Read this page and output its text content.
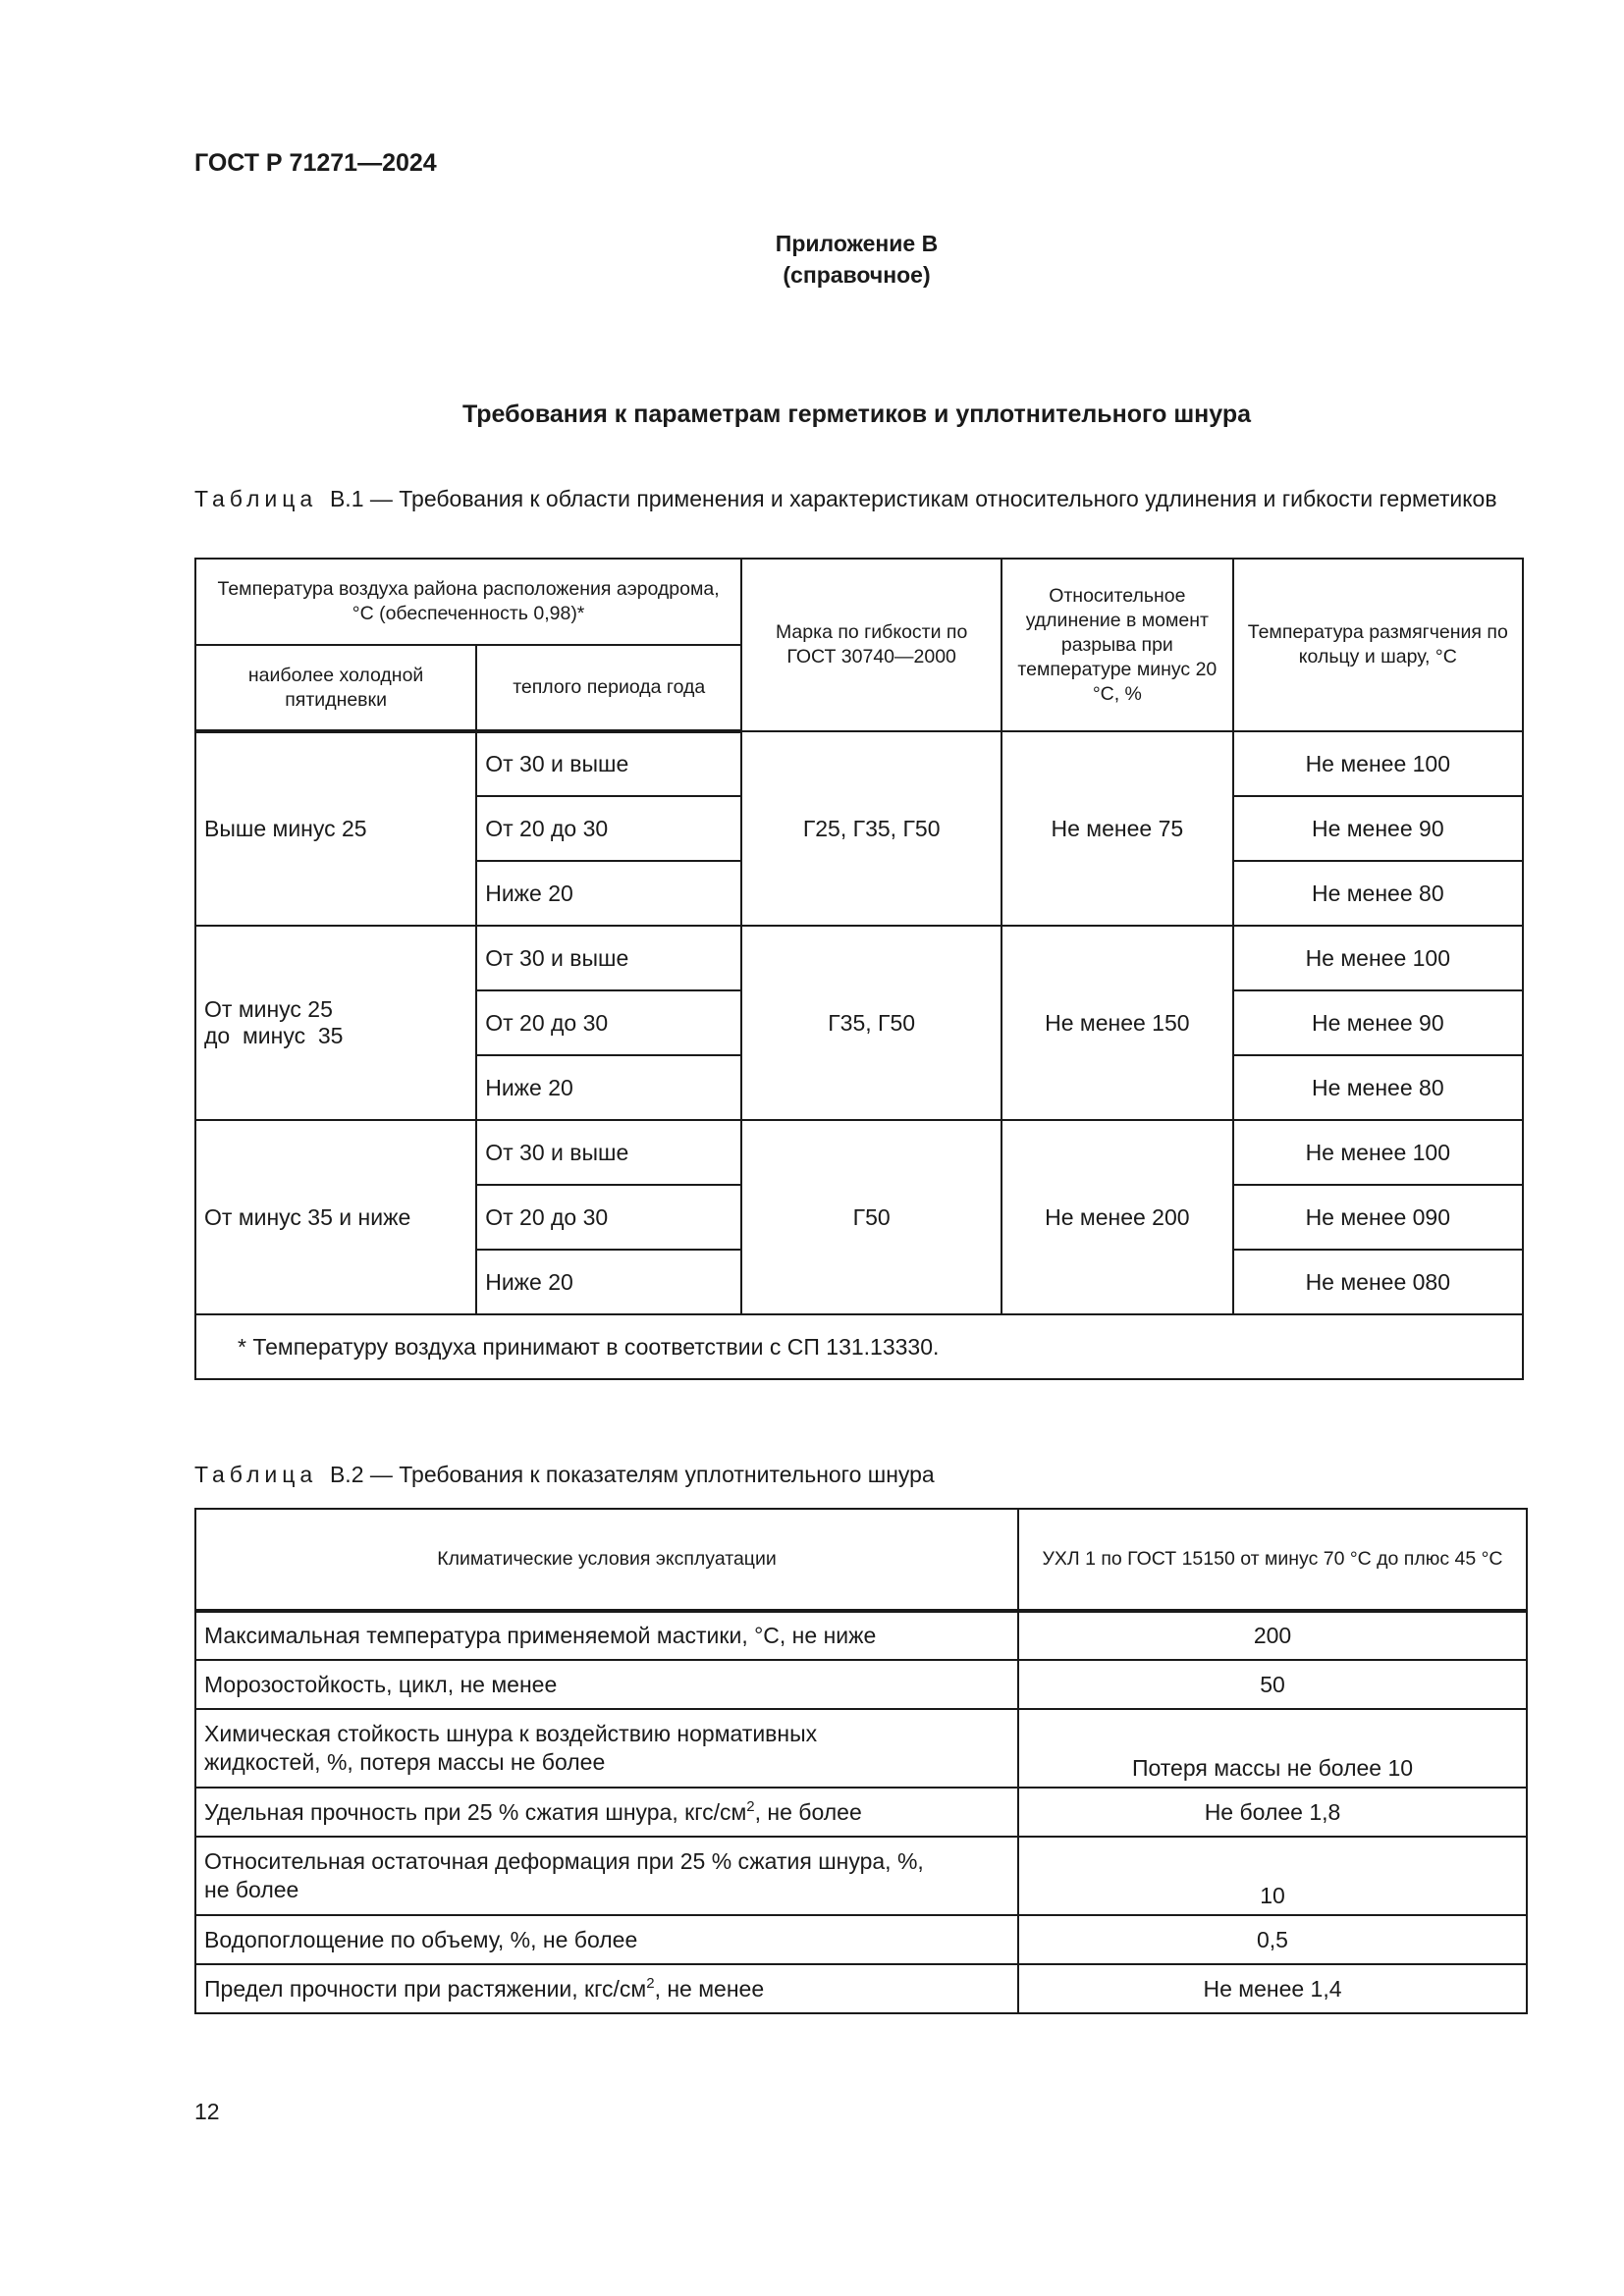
ГОСТ Р 71271—2024
Приложение В
(справочное)
Требования к параметрам герметиков и уплотнительного шнура
Таблица В.1 — Требования к области применения и характеристикам относительного удлинения и гибкости герметиков
Температура воздуха района расположения аэродрома, °С (обеспеченность 0,98)*		Марка по гибкости по ГОСТ 30740—2000	Относительное удлинение в момент разрыва при температуре минус 20 °С, %	Температура размягчения по кольцу и шару, °С
наиболее холодной пятидневки	теплого периода года			
Выше минус 25	От 30 и выше	Г25, Г35, Г50	Не менее 75	Не менее 100
	От 20 до 30			Не менее 90
	Ниже 20			Не менее 80
От минус 25
до  минус  35	От 30 и выше	Г35, Г50	Не менее 150	Не менее 100
	От 20 до 30			Не менее 90
	Ниже 20			Не менее 80
От минус 35 и ниже	От 30 и выше	Г50	Не менее 200	Не менее 100
	От 20 до 30			Не менее 090
	Ниже 20			Не менее 080
* Температуру воздуха принимают в соответствии с СП 131.13330.				
Таблица В.2 — Требования к показателям уплотнительного шнура
Климатические условия эксплуатации	УХЛ 1 по ГОСТ 15150 от минус 70 °С до плюс 45 °С
Максимальная температура применяемой мастики, °С, не ниже	200
Морозостойкость, цикл, не менее	50
Химическая стойкость шнура к воздействию нормативных
жидкостей, %, потеря массы не более	Потеря массы не более 10
Удельная прочность при 25 % сжатия шнура, кгс/$см^2$, не более	Не более 1,8
Относительная остаточная деформация при 25 % сжатия шнура, %,
не более	10
Водопоглощение по объему, %, не более	0,5
Предел прочности при растяжении, кгс/$см^2$, не менее	Не менее 1,4
12
